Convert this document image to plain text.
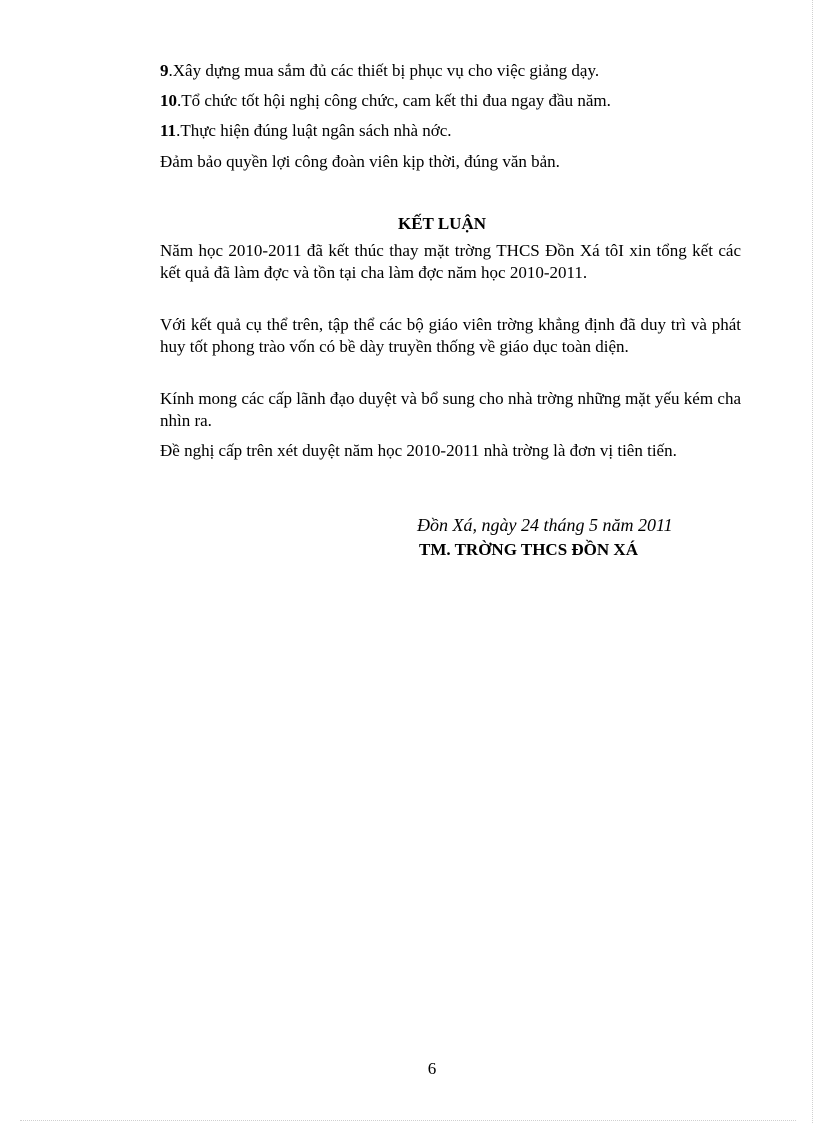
9.Xây dựng mua sắm đủ các thiết bị phục vụ cho việc giảng dạy.
10.Tổ chức tốt hội nghị công chức, cam kết thi đua ngay đầu năm.
11.Thực hiện đúng luật ngân sách nhà nớc.
Đảm bảo quyền lợi công đoàn viên kịp thời, đúng văn bản.
KẾT LUẬN
Năm học 2010-2011 đã kết thúc thay mặt trờng THCS Đồn Xá tôI xin tổng kết các kết quả đã làm đợc và tồn tại cha làm đợc năm học 2010-2011.
Với kết quả cụ thể trên, tập thể các bộ giáo viên trờng khẳng định đã duy trì và phát huy tốt phong trào vốn có bề dày truyền thống về giáo dục toàn diện.
Kính mong các cấp lãnh đạo duyệt và bổ sung cho nhà trờng những mặt yếu kém cha nhìn ra.
Đề nghị cấp trên xét duyệt năm học 2010-2011 nhà trờng là đơn vị tiên tiến.
Đồn Xá, ngày 24 tháng 5 năm 2011
TM. TRỜNG THCS ĐỒN XÁ
6
